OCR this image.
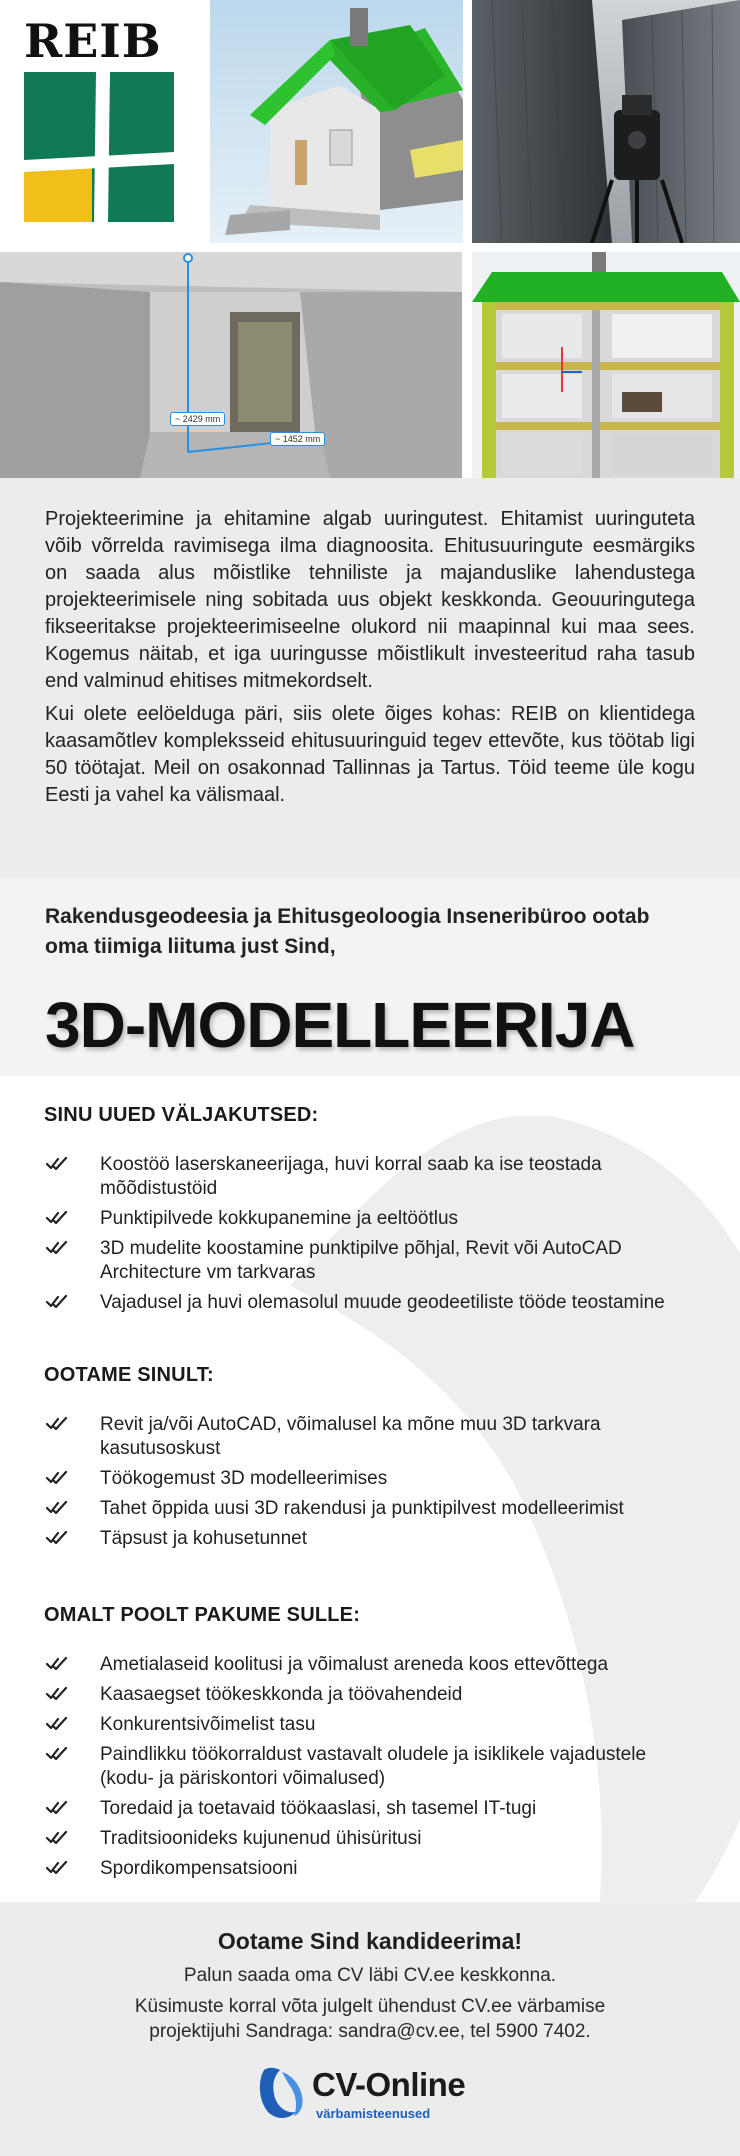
REIB
~ 2429 mm
~ 1452 mm

Projekteerimine ja ehitamine algab uuringutest. Ehitamist uuringuteta võib võrrelda ravimisega ilma diagnoosita. Ehitusuuringute eesmärgiks on saada alus mõistlike tehniliste ja majanduslike lahendustega projekteerimisele ning sobitada uus objekt keskkonda. Geouuringutega fikseeritakse projekteerimiseelne olukord nii maapinnal kui maa sees. Kogemus näitab, et iga uuringusse mõistlikult investeeritud raha tasub end valminud ehitises mitmekordselt.

Kui olete eelöelduga päri, siis olete õiges kohas: REIB on klientidega kaasamõtlev kompleksseid ehitusuuringuid tegev ettevõte, kus töötab ligi 50 töötajat. Meil on osakonnad Tallinnas ja Tartus. Töid teeme üle kogu Eesti ja vahel ka välismaal.

Rakendusgeodeesia ja Ehitusgeoloogia Inseneribüroo ootab oma tiimiga liituma just Sind,
3D-MODELLEERIJA
SINU UUED VÄLJAKUTSED:
Koostöö laserskaneerijaga, huvi korral saab ka ise teostada mõõdistustöid
Punktipilvede kokkupanemine ja eeltöötlus
3D mudelite koostamine punktipilve põhjal, Revit või AutoCAD Architecture vm tarkvaras
Vajadusel ja huvi olemasolul muude geodeetiliste tööde teostamine
OOTAME SINULT:
Revit ja/või AutoCAD, võimalusel ka mõne muu 3D tarkvara kasutusoskust
Töökogemust 3D modelleerimises
Tahet õppida uusi 3D rakendusi ja punktipilvest modelleerimist
Täpsust ja kohusetunnet
OMALT POOLT PAKUME SULLE:
Ametialaseid koolitusi ja võimalust areneda koos ettevõttega
Kaasaegset töökeskkonda ja töövahendeid
Konkurentsivõimelist tasu
Paindlikku töökorraldust vastavalt oludele ja isiklikele vajadustele (kodu- ja päriskontori võimalused)
Toredaid ja toetavaid töökaaslasi, sh tasemel IT-tugi
Traditsioonideks kujunenud ühisüritusi
Spordikompensatsiooni
Ootame Sind kandideerima!
Palun saada oma CV läbi CV.ee keskkonna.
Küsimuste korral võta julgelt ühendust CV.ee värbamise projektijuhi Sandraga: sandra@cv.ee, tel 5900 7402.
CV-Online
värbamisteenused
